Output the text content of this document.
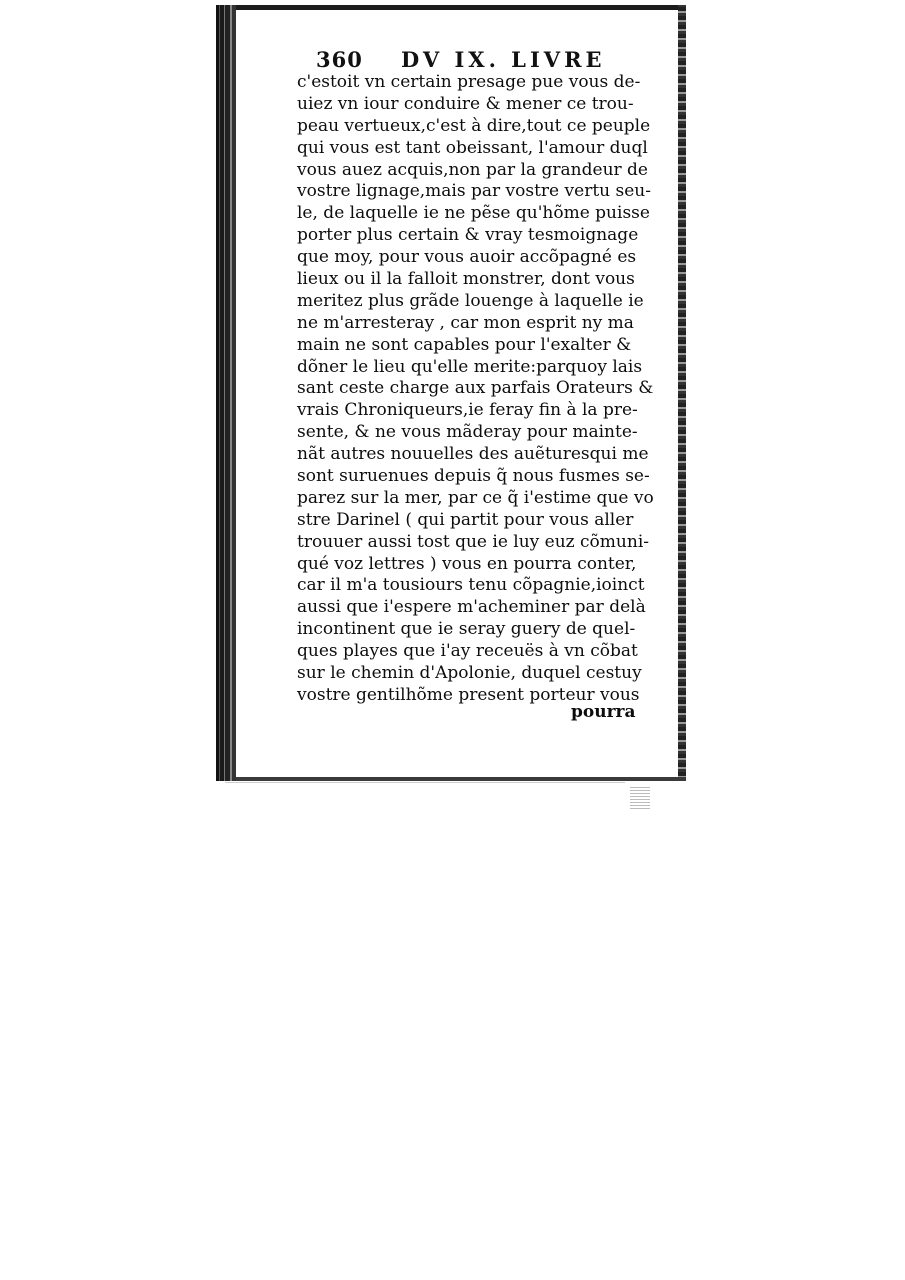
360 DV IX. LIVRE
c'estoit vn certain presage pue vous de-
uiez vn iour conduire & mener ce trou-
peau vertueux,c'est à dire,tout ce peuple
qui vous est tant obeissant, l'amour duql
vous auez acquis,non par la grandeur de
vostre lignage,mais par vostre vertu seu-
le, de laquelle ie ne pẽse qu'hõme puisse
porter plus certain & vray tesmoignage
que moy, pour vous auoir accõpagné es
lieux ou il la falloit monstrer, dont vous
meritez plus grãde louenge à laquelle ie
ne m'arresteray , car mon esprit ny ma
main ne sont capables pour l'exalter &
dõner le lieu qu'elle merite:parquoy lais
sant ceste charge aux parfais Orateurs &
vrais Chroniqueurs,ie feray fin à la pre-
sente, & ne vous mãderay pour mainte-
nãt autres nouuelles des auẽturesqui me
sont suruenues depuis q̃ nous fusmes se-
parez sur la mer, par ce q̃ i'estime que vo
stre Darinel ( qui partit pour vous aller
trouuer aussi tost que ie luy euz cõmuni-
qué voz lettres ) vous en pourra conter,
car il m'a tousiours tenu cõpagnie,ioinct
aussi que i'espere m'acheminer par delà
incontinent que ie seray guery de quel-
ques playes que i'ay receuës à vn cõbat
sur le chemin d'Apolonie, duquel cestuy
vostre gentilhõme present porteur vous
pourra
